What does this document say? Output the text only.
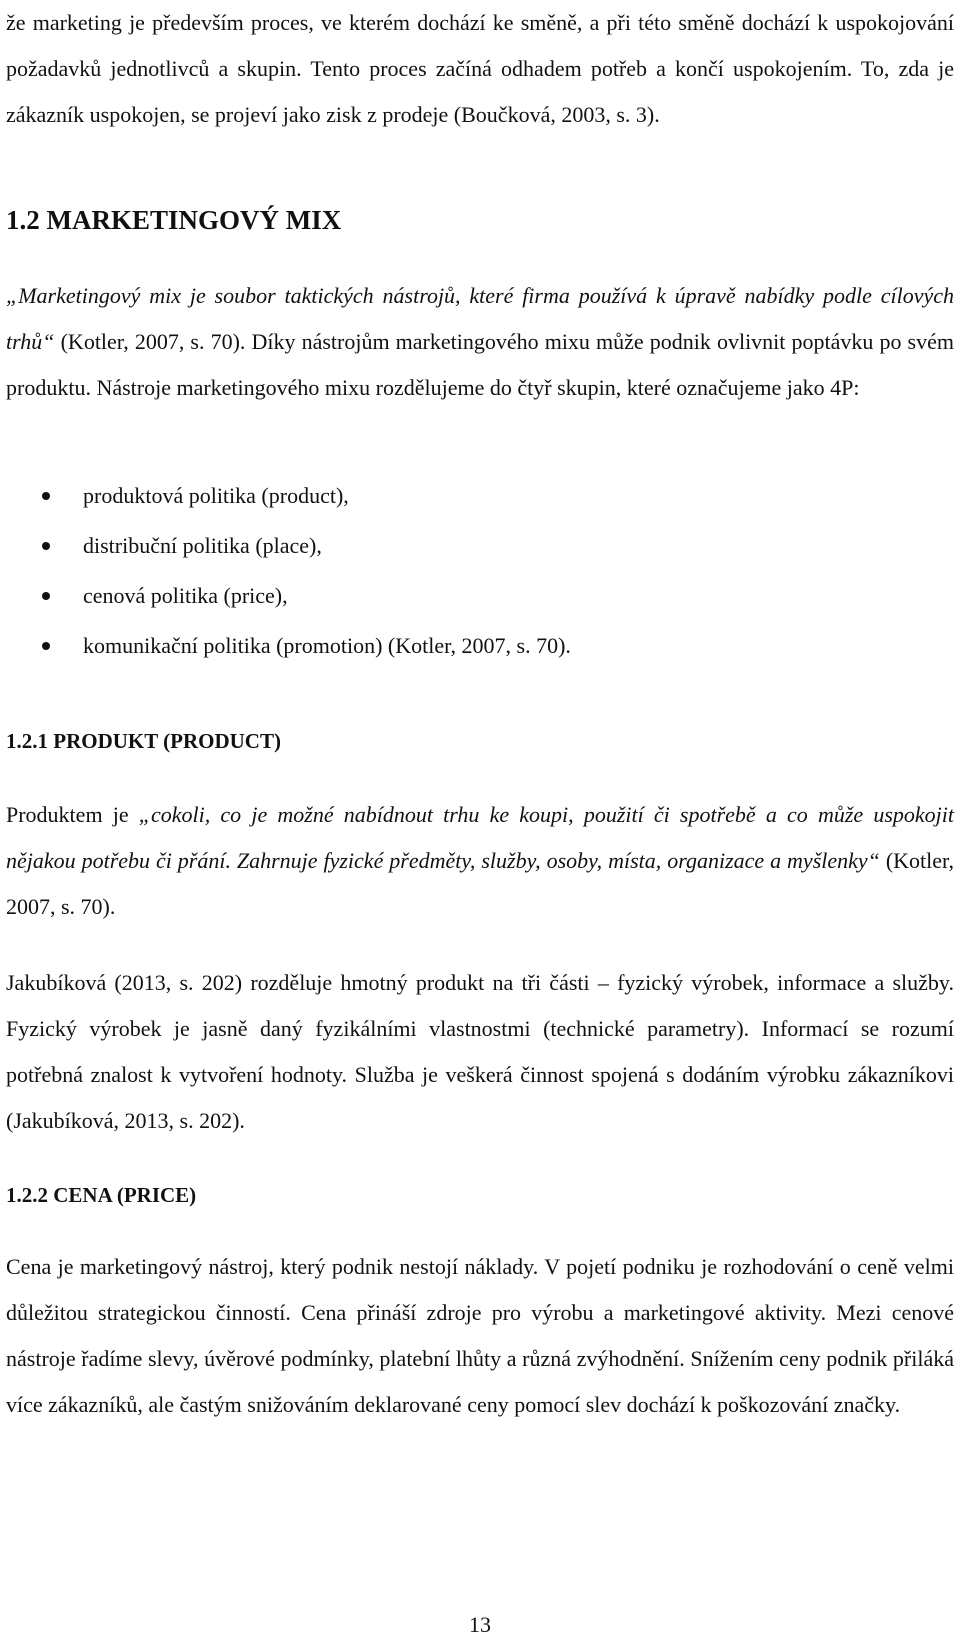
že marketing je především proces, ve kterém dochází ke směně, a při této směně dochází k uspokojování požadavků jednotlivců a skupin. Tento proces začíná odhadem potřeb a končí uspokojením. To, zda je zákazník uspokojen, se projeví jako zisk z prodeje (Boučková, 2003, s. 3).

1.2 MARKETINGOVÝ MIX

„Marketingový mix je soubor taktických nástrojů, které firma používá k úpravě nabídky podle cílových trhů“ (Kotler, 2007, s. 70). Díky nástrojům marketingového mixu může podnik ovlivnit poptávku po svém produktu. Nástroje marketingového mixu rozdělujeme do čtyř skupin, které označujeme jako 4P:

produktová politika (product),
distribuční politika (place),
cenová politika (price),
komunikační politika (promotion) (Kotler, 2007, s. 70).
1.2.1 PRODUKT (PRODUCT)

Produktem je „cokoli, co je možné nabídnout trhu ke koupi, použití či spotřebě a co může uspokojit nějakou potřebu či přání. Zahrnuje fyzické předměty, služby, osoby, místa, organizace a myšlenky“ (Kotler, 2007, s. 70).

Jakubíková (2013, s. 202) rozděluje hmotný produkt na tři části – fyzický výrobek, informace a služby. Fyzický výrobek je jasně daný fyzikálními vlastnostmi (technické parametry). Informací se rozumí potřebná znalost k vytvoření hodnoty. Služba je veškerá činnost spojená s dodáním výrobku zákazníkovi (Jakubíková, 2013, s. 202).

1.2.2 CENA (PRICE)

Cena je marketingový nástroj, který podnik nestojí náklady. V pojetí podniku je rozhodování o ceně velmi důležitou strategickou činností. Cena přináší zdroje pro výrobu a marketingové aktivity. Mezi cenové nástroje řadíme slevy, úvěrové podmínky, platební lhůty a různá zvýhodnění. Snížením ceny podnik přiláká více zákazníků, ale častým snižováním deklarované ceny pomocí slev dochází k poškozování značky.

13
